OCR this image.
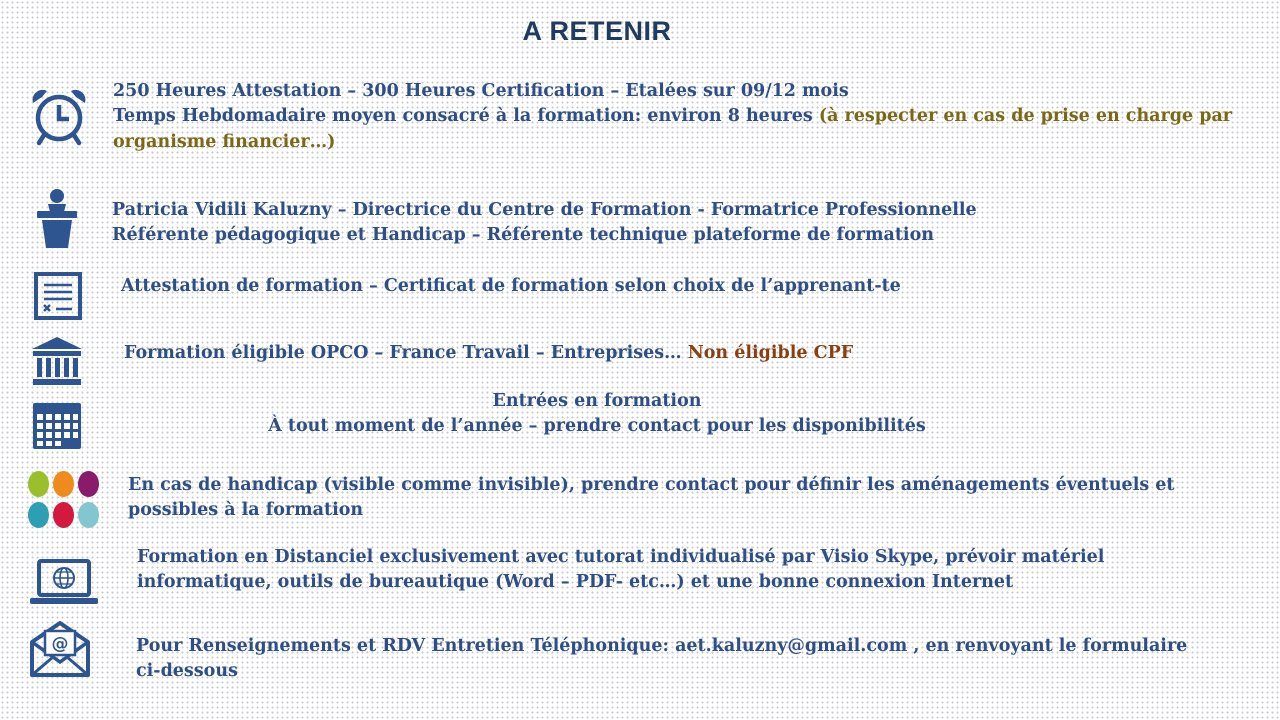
A RETENIR
250 Heures Attestation – 300 Heures Certification – Etalées sur 09/12 mois
Temps Hebdomadaire moyen consacré à la formation: environ 8 heures (à respecter en cas de prise en charge par
organisme financier…)
Patricia Vidili Kaluzny – Directrice du Centre de Formation - Formatrice Professionnelle
Référente pédagogique et Handicap – Référente technique plateforme de formation
Attestation de formation – Certificat de formation selon choix de l’apprenant-te
Formation éligible OPCO – France Travail – Entreprises… Non éligible CPF
Entrées en formation
À tout moment de l’année – prendre contact pour les disponibilités
En cas de handicap (visible comme invisible), prendre contact pour définir les aménagements éventuels et
possibles à la formation
Formation en Distanciel exclusivement avec tutorat individualisé par Visio Skype, prévoir matériel
informatique, outils de bureautique (Word – PDF- etc…) et une bonne connexion Internet
@	Pour Renseignements et RDV Entretien Téléphonique: aet.kaluzny@gmail.com , en renvoyant le formulaire
ci-dessous
